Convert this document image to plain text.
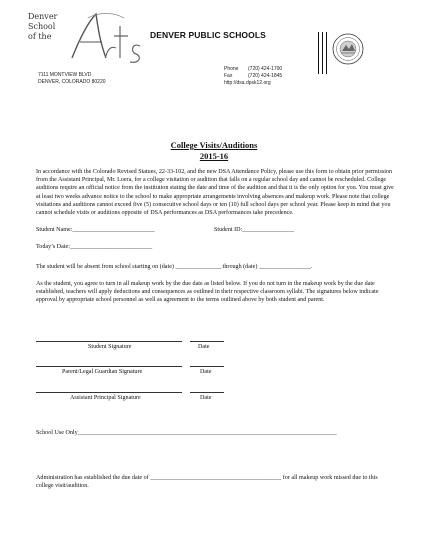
Denver
School
of the	DENVER PUBLIC SCHOOLS
7111 MONTVIEW BLVD
DENVER, COLORADO 80220
Phone (720) 424-1700
Fax	(720) 424-1845
http://dsa.dpsk12.org
College Visits/Auditions
2015-16
In accordance with the Colorado Revised Statues, 22-33-102, and the new DSA Attendance Policy, please use this form to obtain prior permission from the Assistant Principal, Mr. Loera, for a college visitation or audition that falls on a regular school day and cannot be rescheduled. College auditions require an official notice from the institution stating the date and time of the audition and that it is the only option for you. You must give at least two weeks advance notice to the school to make appropriate arrangements involving absences and makeup work. Please note that college visitations and auditions cannot exceed five (5) consecutive school days or ten (10) full school days per school year. Please keep in mind that you cannot schedule visits or auditions opposite of DSA performances as DSA performances take precedence.
Student Name:___________________________	Student ID:_________________
Today’s Date:___________________________
The student will be absent from school starting on (date) _______________ through (date) _________________.
As the student, you agree to turn in all makeup work by the due date as listed below. If you do not turn in the makeup work by the due date established, teachers will apply deductions and consequences as outlined in their respective classroom syllabi. The signatures below indicate approval by appropriate school personnel as well as agreement to the terms outlined above by both student and parent.
Student Signature	Date
Parent/Legal Guardian Signature	Date
Assistant Principal Signature	Date
School Use Only_____________________________________________________________________________________
Administration has established the due date of ___________________________________________ for all makeup work missed due to this college visit/audition.
